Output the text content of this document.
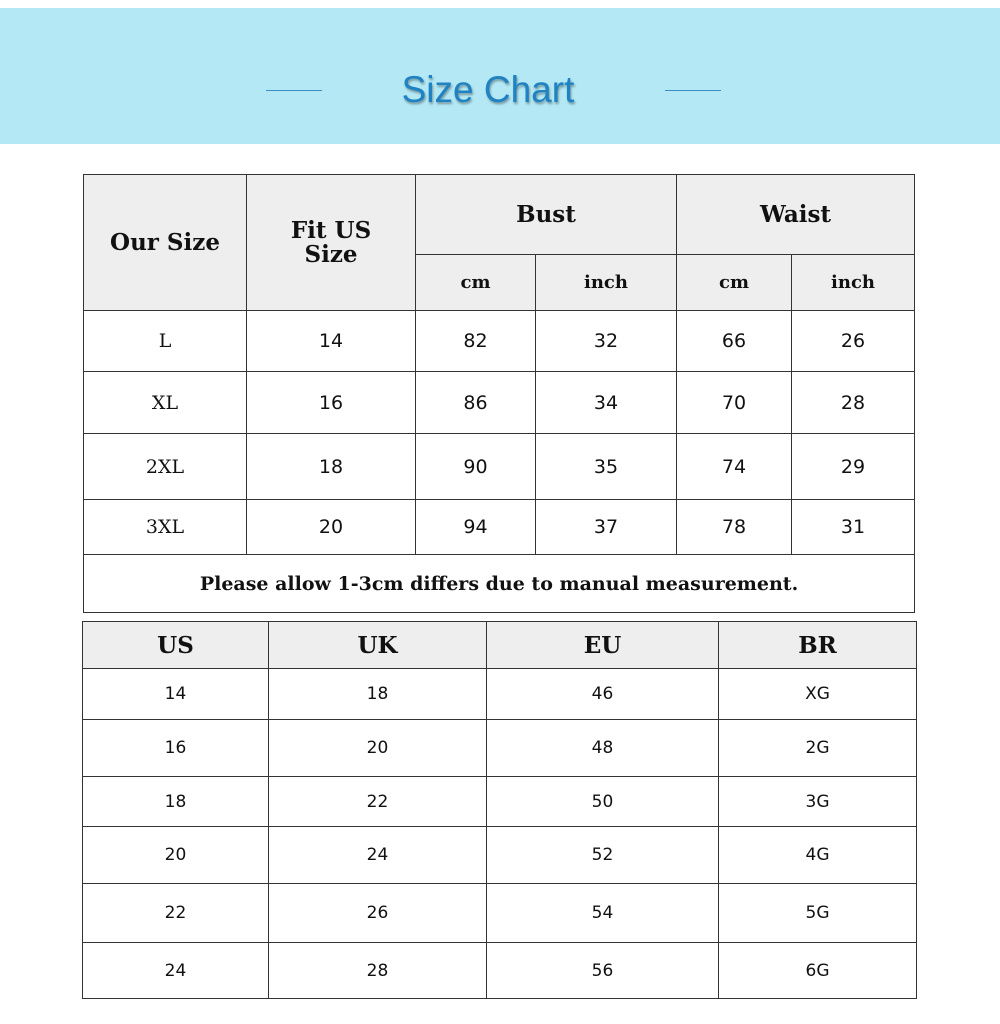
Size Chart
Our Size	Fit US Size	Bust		Waist	
		cm	inch	cm	inch
L	14	82	32	66	26
XL	16	86	34	70	28
2XL	18	90	35	74	29
3XL	20	94	37	78	31
Please allow 1-3cm differs due to manual measurement.					
US	UK	EU	BR
14	18	46	XG
16	20	48	2G
18	22	50	3G
20	24	52	4G
22	26	54	5G
24	28	56	6G
